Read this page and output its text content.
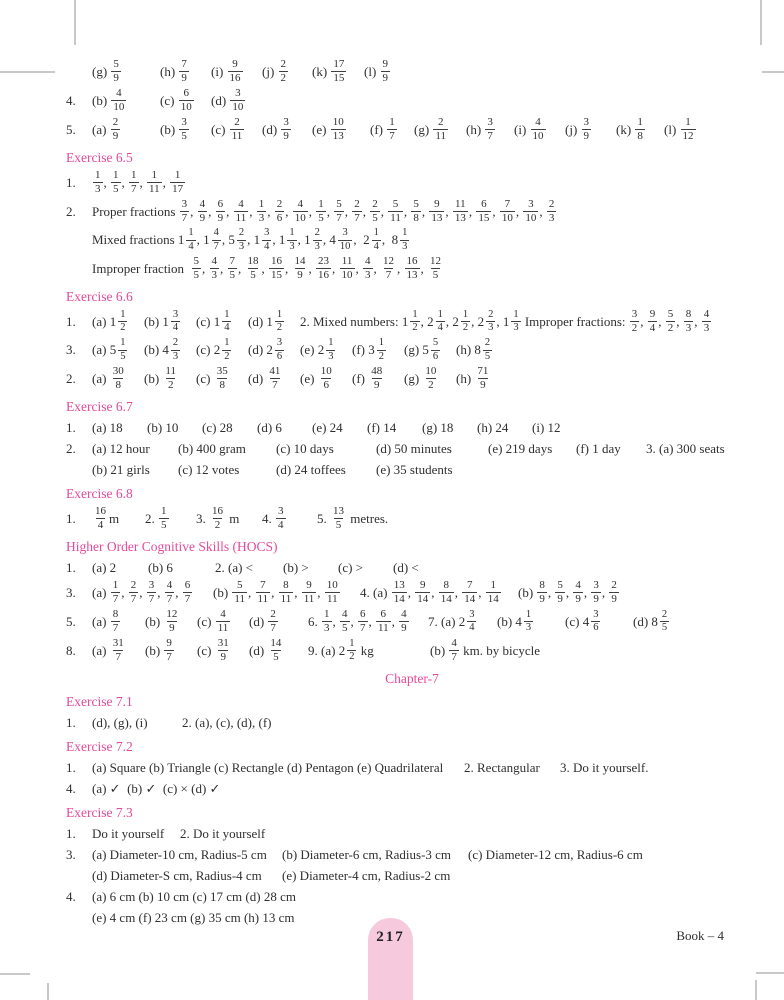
$(g) \frac{5}{9}$	$(h) \frac{7}{9} (i) \frac{9}{16} (j) \frac{2}{2} (k) \frac{17}{15} (l) \frac{9}{9}$
4.	$(b) \frac{4}{10}$	$(c) \frac{6}{10} (d) \frac{3}{10}$
5.	$(a) \frac{2}{9}$	$(b) \frac{3}{5} (c) \frac{2}{11} (d) \frac{3}{9} (e) \frac{10}{13} (f) \frac{1}{7} (g) \frac{2}{11} (h) \frac{3}{7} (i) \frac{4}{10} (j) \frac{3}{9} (k) \frac{1}{8} (l) \frac{1}{12}$
Exercise 6.5
1.	$\frac{1}{3}$ , $\frac{1}{5}$ , $\frac{1}{7}$ , $\frac{1}{11}$ , $\frac{1}{17}$
2.	Proper fractions $\frac{3}{7}$ , $\frac{4}{9}$ , $\frac{6}{9}$ , $\frac{4}{11}$ , $\frac{1}{3}$ , $\frac{2}{6}$ , $\frac{4}{10}$ , $\frac{1}{5}$ , $\frac{5}{7}$ , $\frac{2}{7}$ , $\frac{2}{5}$ , $\frac{5}{11}$ , $\frac{5}{8}$ , $\frac{9}{13}$ , $\frac{11}{13}$ , $\frac{6}{15}$ , $\frac{7}{10}$ , $\frac{3}{10}$ , $\frac{2}{3}$
Mixed fractions $1 \frac{1}{4}$ , $1 \frac{4}{7}$ , $5 \frac{2}{3}$ , $1 \frac{3}{4}$ , $1 \frac{1}{3}$ , $1 \frac{2}{3}$ , $4 \frac{3}{10}$ , $2 \frac{1}{4}$ , $8 \frac{1}{3}$
Improper fraction $\frac{5}{5}$ , $\frac{4}{3}$ , $\frac{7}{5}$ , $\frac{18}{5}$ , $\frac{16}{15}$ , $\frac{14}{9}$ , $\frac{23}{16}$ , $\frac{11}{10}$ , $\frac{4}{3}$ , $\frac{12}{7}$ , $\frac{16}{13}$ , $\frac{12}{5}$
Exercise 6.6
1.	(a) $1 \frac{1}{2} (b)$ $1 \frac{3}{4} (c)$ $1 \frac{1}{4} (d)$ $1 \frac{1}{2} 2$. Mixed numbers: $1 \frac{1}{2}$ , $2 \frac{1}{4}$ , $2 \frac{1}{2}$ , $2 \frac{2}{3}$ , $1 \frac{1}{3}$ Improper fractions: $\frac{3}{2}$ , $\frac{9}{4}$ , $\frac{5}{2}$ , $\frac{8}{3}$ , $\frac{4}{3}$
3.	(a) $5 \frac{1}{5} (b)$ $4 \frac{2}{3} (c)$ $2 \frac{1}{2} (d)$ $2 \frac{3}{6} (e)$ $2 \frac{1}{3} (f)$ $3 \frac{1}{2} (g)$ $5 \frac{5}{6} (h)$ $8 \frac{2}{5}$
2.	$(a) \frac{30}{8} (b) \frac{11}{2} (c) \frac{35}{8} (d) \frac{41}{7} (e) \frac{10}{6} (f) \frac{48}{9} (g) \frac{10}{2} (h) \frac{71}{9}$
Exercise 6.7
1.	(a) 18 (b) 10 (c) 28 (d) 6 (e) 24 (f) 14 (g) 18 (h) 24 (i) 12
2.	(a) 12 hour (b) 400 gram (c) 10 days	(d) 50 minutes	(e) 219 days (f) 1 day 3. (a) 300 seats
(b) 21 girls (c) 12 votes	(d) 24 toffees (e) 35 students
Exercise 6.8
1.	$\frac{16}{4}$ m 2. $\frac{1}{5} 3$. $\frac{16}{2}$ m 4. $\frac{3}{4} 5$. $\frac{13}{5}$ metres.
Higher Order Cognitive Skills (HOCS)
1.	(a) 2 (b) 6	2. (a) < (b) > (c) > (d) <
3.	$(a) \frac{1}{7}$ , $\frac{2}{7}$ , $\frac{3}{7}$ , $\frac{4}{7}$ , $\frac{6}{7} (b) \frac{5}{11}$ , $\frac{7}{11}$ , $\frac{8}{11}$ , $\frac{9}{11}$ , $\frac{10}{11} 4$. $(a) \frac{13}{14}$ , $\frac{9}{14}$ , $\frac{8}{14}$ , $\frac{7}{14}$ , $\frac{1}{14} (b) \frac{8}{9}$ , $\frac{5}{9}$ , $\frac{4}{9}$ , $\frac{3}{9}$ , $\frac{2}{9}$
5.	$(a) \frac{8}{7} (b) \frac{12}{9} (c) \frac{4}{11} (d) \frac{2}{7} 6$. $\frac{1}{3}$ , $\frac{4}{5}$ , $\frac{6}{7}$ , $\frac{6}{11}$ , $\frac{4}{9} 7$. (a) $2 \frac{3}{4} (b)$ $4 \frac{1}{3} (c)$ $4 \frac{3}{6}$	(d) $8 \frac{2}{5}$
8.	$(a) \frac{31}{7} (b) \frac{9}{7} (c) \frac{31}{9} (d) \frac{14}{5} 9$. (a) $2 \frac{1}{2}$ kg	$(b) \frac{4}{7}$ km. by bicycle
Chapter-7
Exercise 7.1
1.	(d), (g), (i)	2. (a), (c), (d), (f)
Exercise 7.2
1.	(a) Square (b) Triangle (c) Rectangle (d) Pentagon (e) Quadrilateral 2. Rectangular 3. Do it yourself.
4.	(a) ✓  (b) ✓  (c) × (d) ✓
Exercise 7.3
1.	Do it yourself 2. Do it yourself
3.	(a) Diameter-10 cm, Radius-5 cm (b) Diameter-6 cm, Radius-3 cm (c) Diameter-12 cm, Radius-6 cm
(d) Diameter-S cm, Radius-4 cm (e) Diameter-4 cm, Radius-2 cm
4.	(a) 6 cm (b) 10 cm (c) 17 cm (d) 28 cm
(e) 4 cm (f) 23 cm (g) 35 cm (h) 13 cm
217	Book – 4
